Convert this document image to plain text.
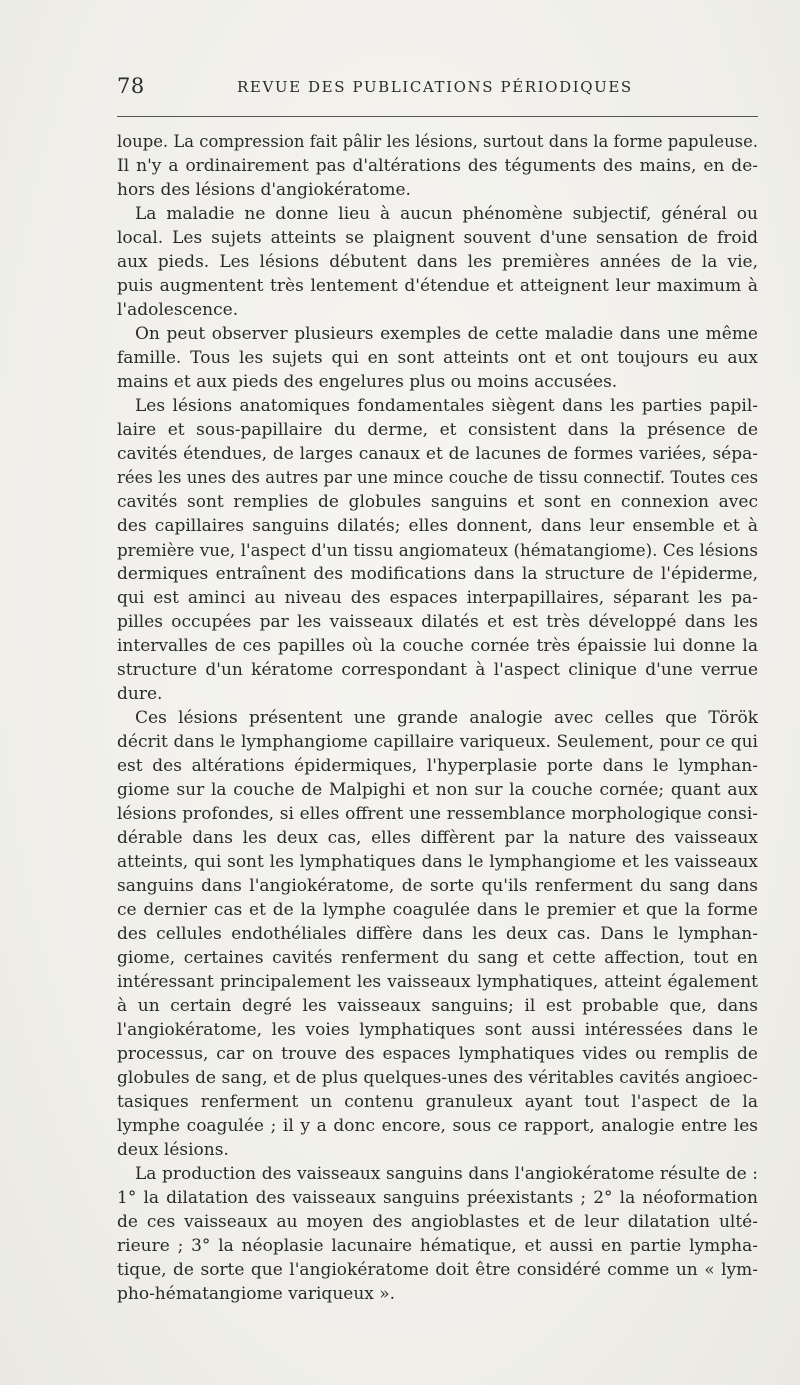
78	REVUE DES PUBLICATIONS PÉRIODIQUES
loupe. La compression fait pâlir les lésions, surtout dans la forme papuleuse.
Il n'y a ordinairement pas d'altérations des téguments des mains, en de-
hors des lésions d'angiokératome.
La maladie ne donne lieu à aucun phénomène subjectif, général ou
local. Les sujets atteints se plaignent souvent d'une sensation de froid
aux pieds. Les lésions débutent dans les premières années de la vie,
puis augmentent très lentement d'étendue et atteignent leur maximum à
l'adolescence.
On peut observer plusieurs exemples de cette maladie dans une même
famille. Tous les sujets qui en sont atteints ont et ont toujours eu aux
mains et aux pieds des engelures plus ou moins accusées.
Les lésions anatomiques fondamentales siègent dans les parties papil-
laire et sous-papillaire du derme, et consistent dans la présence de
cavités étendues, de larges canaux et de lacunes de formes variées, sépa-
rées les unes des autres par une mince couche de tissu connectif. Toutes ces
cavités sont remplies de globules sanguins et sont en connexion avec
des capillaires sanguins dilatés; elles donnent, dans leur ensemble et à
première vue, l'aspect d'un tissu angiomateux (hématangiome). Ces lésions
dermiques entraînent des modifications dans la structure de l'épiderme,
qui est aminci au niveau des espaces interpapillaires, séparant les pa-
pilles occupées par les vaisseaux dilatés et est très développé dans les
intervalles de ces papilles où la couche cornée très épaissie lui donne la
structure d'un kératome correspondant à l'aspect clinique d'une verrue
dure.
Ces lésions présentent une grande analogie avec celles que Török
décrit dans le lymphangiome capillaire variqueux. Seulement, pour ce qui
est des altérations épidermiques, l'hyperplasie porte dans le lymphan-
giome sur la couche de Malpighi et non sur la couche cornée; quant aux
lésions profondes, si elles offrent une ressemblance morphologique consi-
dérable dans les deux cas, elles diffèrent par la nature des vaisseaux
atteints, qui sont les lymphatiques dans le lymphangiome et les vaisseaux
sanguins dans l'angiokératome, de sorte qu'ils renferment du sang dans
ce dernier cas et de la lymphe coagulée dans le premier et que la forme
des cellules endothéliales diffère dans les deux cas. Dans le lymphan-
giome, certaines cavités renferment du sang et cette affection, tout en
intéressant principalement les vaisseaux lymphatiques, atteint également
à un certain degré les vaisseaux sanguins; il est probable que, dans
l'angiokératome, les voies lymphatiques sont aussi intéressées dans le
processus, car on trouve des espaces lymphatiques vides ou remplis de
globules de sang, et de plus quelques-unes des véritables cavités angioec-
tasiques renferment un contenu granuleux ayant tout l'aspect de la
lymphe coagulée ; il y a donc encore, sous ce rapport, analogie entre les
deux lésions.
La production des vaisseaux sanguins dans l'angiokératome résulte de :
1° la dilatation des vaisseaux sanguins préexistants ; 2° la néoformation
de ces vaisseaux au moyen des angioblastes et de leur dilatation ulté-
rieure ; 3° la néoplasie lacunaire hématique, et aussi en partie lympha-
tique, de sorte que l'angiokératome doit être considéré comme un « lym-
pho-hématangiome variqueux ».
